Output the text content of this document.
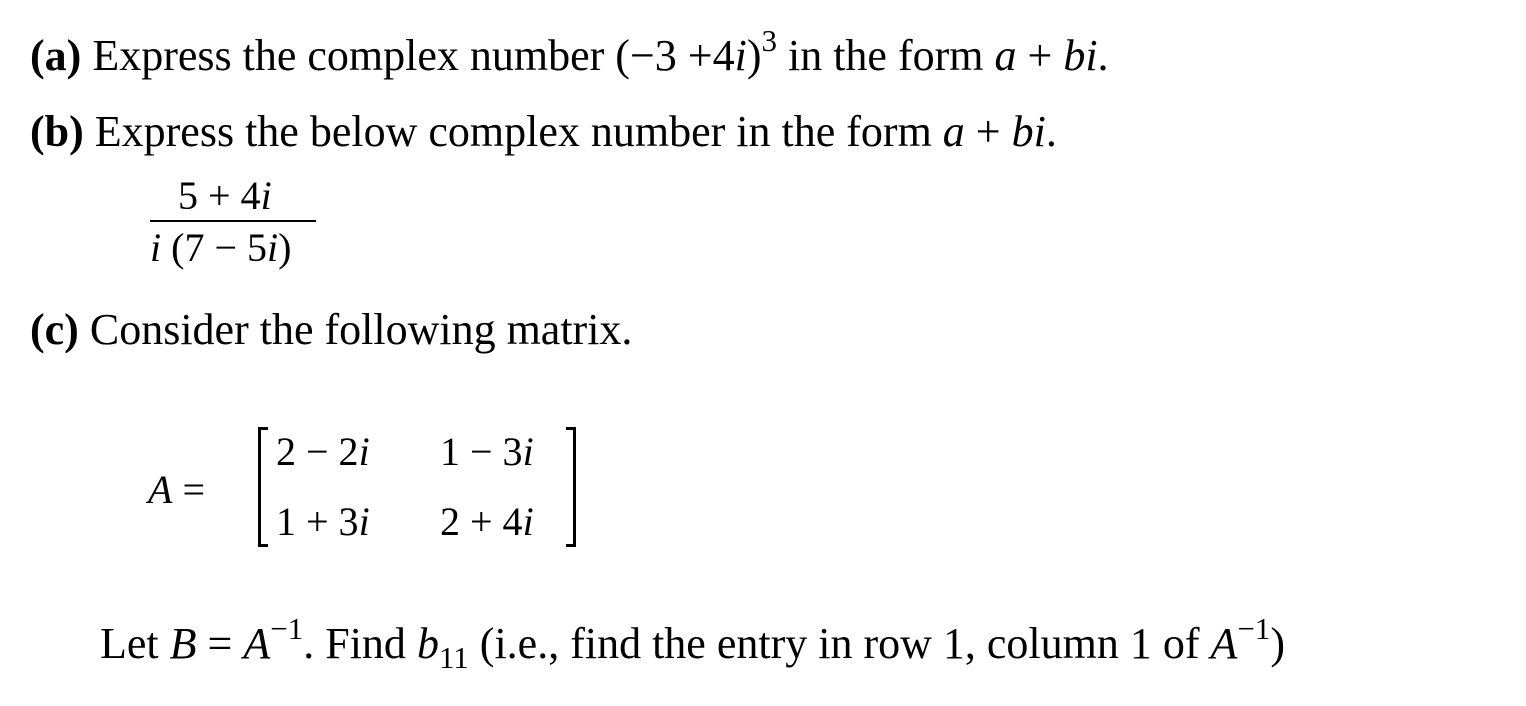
(a) Express the complex number $(-3 +4i)^3$ in the form a + bi.
(b) Express the below complex number in the form a + bi.
5 + 4i
i (7 − 5i)
(c) Consider the following matrix.
A =
2 − 2i 1 − 3i
1 + 3i 2 + 4i
Let $B = A^{-1}$. Find $b_{11}$ (i.e., find the entry in row 1, column 1 of $A^{-1}$)
